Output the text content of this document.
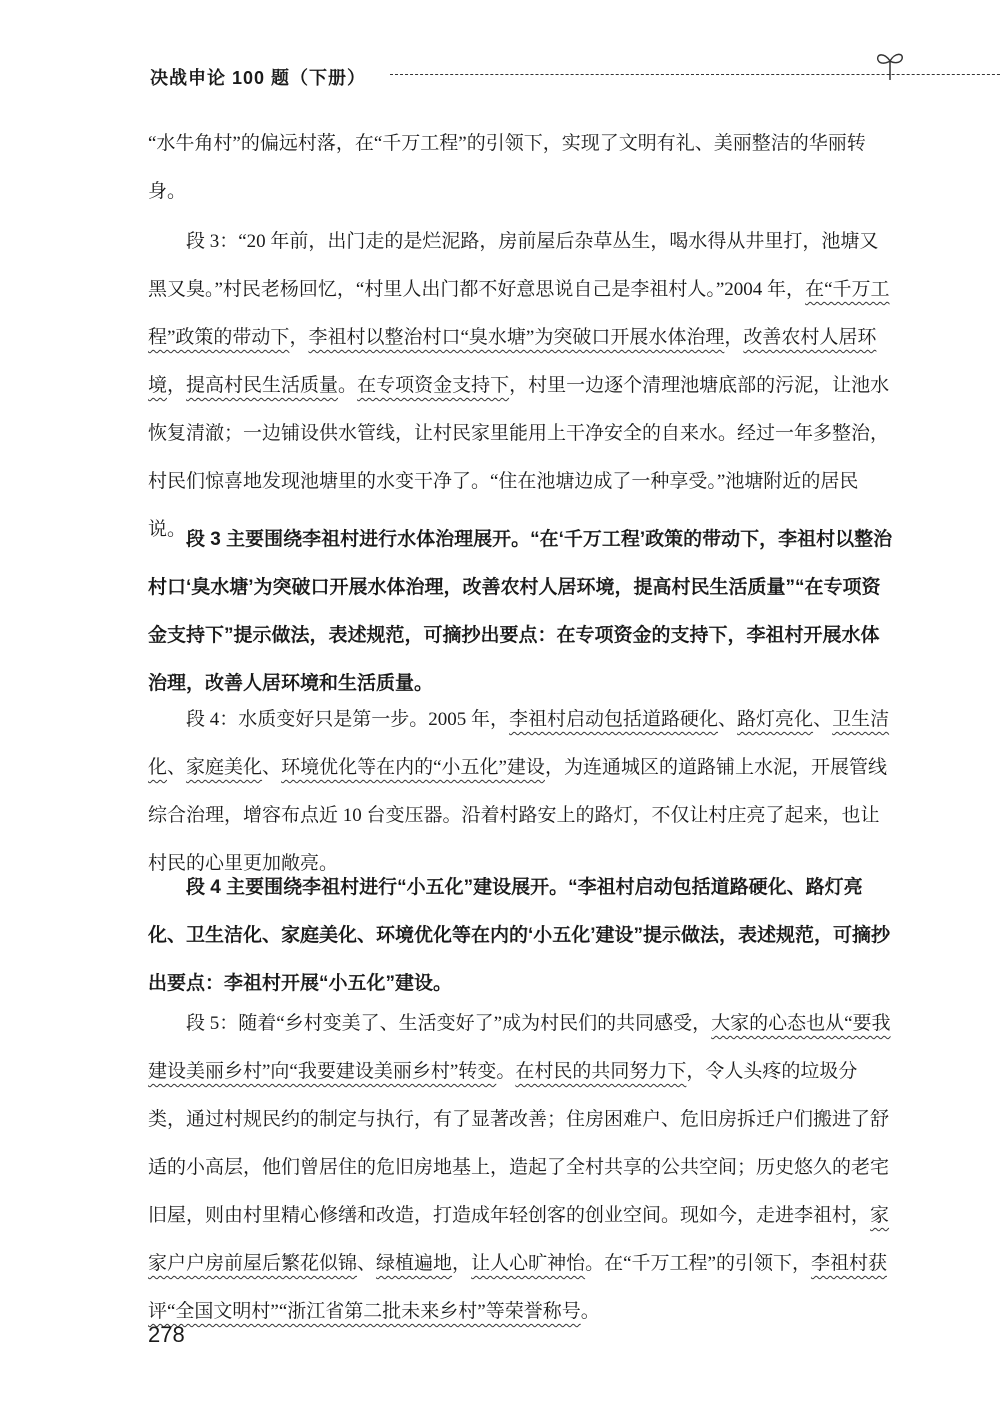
决战申论 100 题（下册）

“水牛角村”的偏远村落，在“千万工程”的引领下，实现了文明有礼、美丽整洁的华丽转身。

段 3：“20 年前，出门走的是烂泥路，房前屋后杂草丛生，喝水得从井里打，池塘又黑又臭。”村民老杨回忆，“村里人出门都不好意思说自己是李祖村人。”2004 年，在“千万工程”政策的带动下，李祖村以整治村口“臭水塘”为突破口开展水体治理，改善农村人居环境，提高村民生活质量。在专项资金支持下，村里一边逐个清理池塘底部的污泥，让池水恢复清澈；一边铺设供水管线，让村民家里能用上干净安全的自来水。经过一年多整治，村民们惊喜地发现池塘里的水变干净了。“住在池塘边成了一种享受。”池塘附近的居民说。 段 3 主要围绕李祖村进行水体治理展开。“在‘千万工程’政策的带动下，李祖村以整治村口‘臭水塘’为突破口开展水体治理，改善农村人居环境，提高村民生活质量”“在专项资金支持下”提示做法，表述规范，可摘抄出要点：在专项资金的支持下，李祖村开展水体治理，改善人居环境和生活质量。

段 4：水质变好只是第一步。2005 年，李祖村启动包括道路硬化、路灯亮化、卫生洁化、家庭美化、环境优化等在内的“小五化”建设，为连通城区的道路铺上水泥，开展管线综合治理，增容布点近 10 台变压器。沿着村路安上的路灯，不仅让村庄亮了起来，也让村民的心里更加敞亮。

段 4 主要围绕李祖村进行“小五化”建设展开。“李祖村启动包括道路硬化、路灯亮化、卫生洁化、家庭美化、环境优化等在内的‘小五化’建设”提示做法，表述规范，可摘抄出要点：李祖村开展“小五化”建设。

段 5：随着“乡村变美了、生活变好了”成为村民们的共同感受，大家的心态也从“要我建设美丽乡村”向“我要建设美丽乡村”转变。在村民的共同努力下，令人头疼的垃圾分类，通过村规民约的制定与执行，有了显著改善；住房困难户、危旧房拆迁户们搬进了舒适的小高层，他们曾居住的危旧房地基上，造起了全村共享的公共空间；历史悠久的老宅旧屋，则由村里精心修缮和改造，打造成年轻创客的创业空间。现如今，走进李祖村，家家户户房前屋后繁花似锦、绿植遍地，让人心旷神怡。在“千万工程”的引领下，李祖村获评“全国文明村”“浙江省第二批未来乡村”等荣誉称号。

278
